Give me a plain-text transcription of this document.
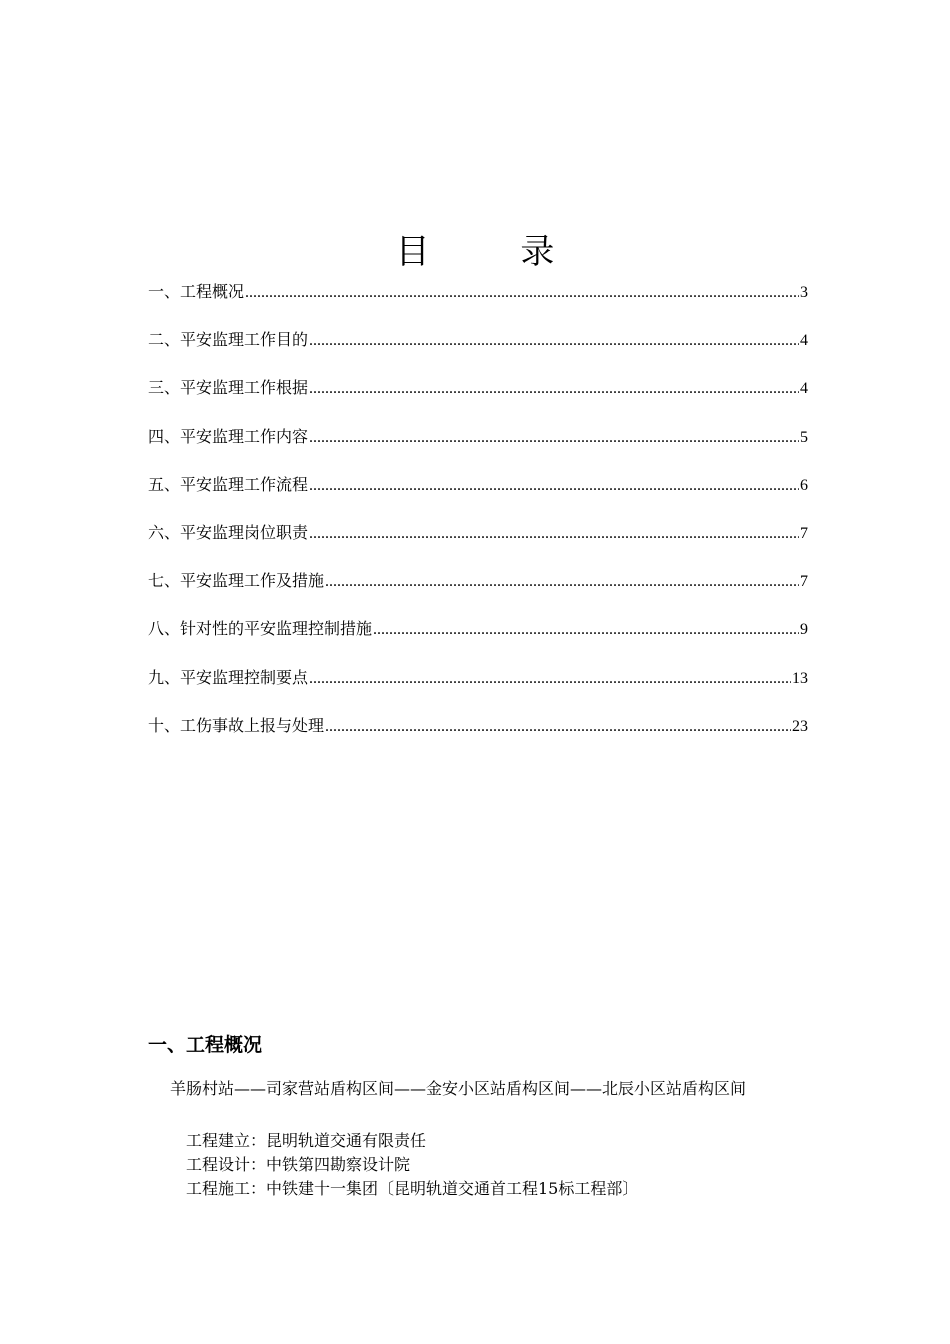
目 录
一、工程概况 .....	3
二、平安监理工作目的 .....	4
三、平安监理工作根据 .....	4
四、平安监理工作内容 .....	5
五、平安监理工作流程 .....	6
六、平安监理岗位职责 .....	7
七、平安监理工作及措施 .....	7
八、针对性的平安监理控制措施 .....	9
九、平安监理控制要点 .....	13
十、工伤事故上报与处理 .....	23
一、工程概况
羊肠村站——司家营站盾构区间——金安小区站盾构区间——北辰小区站盾构区间
工程建立：昆明轨道交通有限责任
工程设计：中铁第四勘察设计院
工程施工：中铁建十一集团〔昆明轨道交通首工程15标工程部〕
